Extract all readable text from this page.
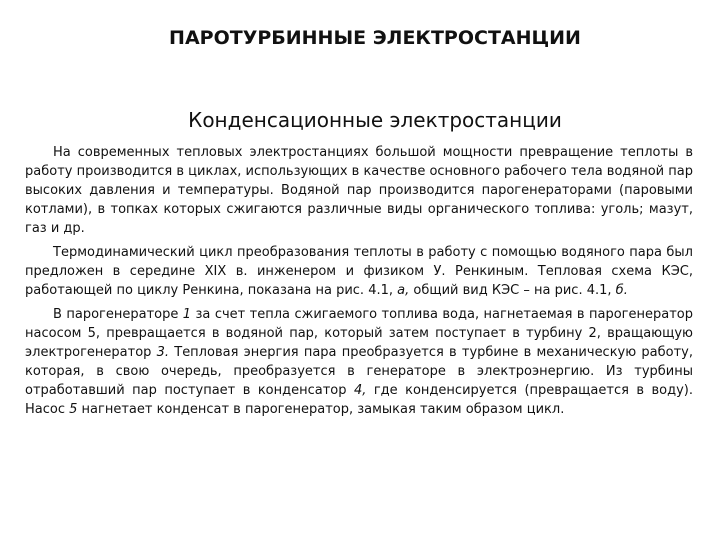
ПАРОТУРБИННЫЕ ЭЛЕКТРОСТАНЦИИ
Конденсационные электростанции

На современных тепловых электростанциях большой мощности превращение теплоты в работу производится в циклах, использующих в качестве основного рабочего тела водяной пар высоких давления и температуры. Водяной пар производится парогенераторами (паровыми котлами), в топках которых сжигаются различные виды органического топлива: уголь; мазут, газ и др.

Термодинамический цикл преобразования теплоты в работу с помощью водяного пара был предложен в середине XIX в. инженером и физиком У. Ренкиным. Тепловая схема КЭС, работающей по циклу Ренкина, показана на рис. 4.1, а, общий вид КЭС – на рис. 4.1, б.

В парогенераторе 1 за счет тепла сжигаемого топлива вода, нагнетаемая в парогенератор насосом 5, превращается в водяной пар, который затем поступает в турбину 2, вращающую электрогенератор 3. Тепловая энергия пара преобразуется в турбине в механическую работу, которая, в свою очередь, преобразуется в генераторе в электроэнергию. Из турбины отработавший пар поступает в конденсатор 4, где конденсируется (превращается в воду). Насос 5 нагнетает конденсат в парогенератор, замыкая таким образом цикл.
